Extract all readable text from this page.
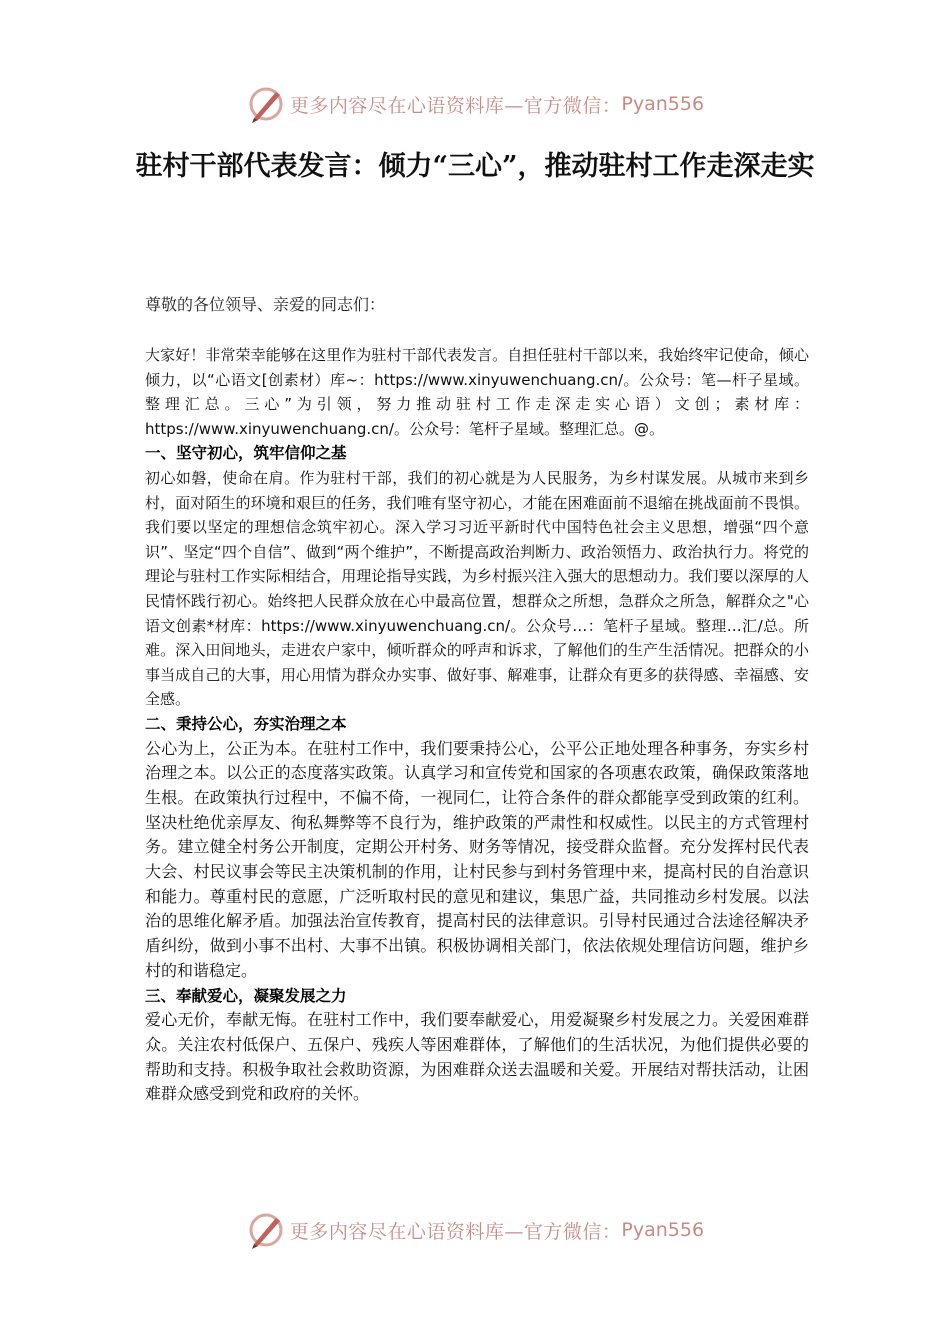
更多内容尽在心语资料库—官方微信： Pyan556
驻村干部代表发言：倾力“三心”，推动驻村工作走深走实
尊敬的各位领导、亲爱的同志们：

大家好！非常荣幸能够在这里作为驻村干部代表发言。自担任驻村干部以来，我始终牢记使命，倾心倾力，以“心语文[创素材）库~：https://www.xinyuwenchuang.cn/。公众号：笔—杆子星域。整理汇总。三心”为引领，努力推动驻村工作走深走实心语）文创；素材库：https://www.xinyuwenchuang.cn/。公众号：笔杆子星域。整理汇总。@。

一、坚守初心，筑牢信仰之基

初心如磐，使命在肩。作为驻村干部，我们的初心就是为人民服务，为乡村谋发展。从城市来到乡村，面对陌生的环境和艰巨的任务，我们唯有坚守初心，才能在困难面前不退缩在挑战面前不畏惧。我们要以坚定的理想信念筑牢初心。深入学习习近平新时代中国特色社会主义思想，增强“四个意识”、坚定“四个自信”、做到“两个维护”，不断提高政治判断力、政治领悟力、政治执行力。将党的理论与驻村工作实际相结合，用理论指导实践，为乡村振兴注入强大的思想动力。我们要以深厚的人民情怀践行初心。始终把人民群众放在心中最高位置，想群众之所想，急群众之所急，解群众之"心语文创素*材库：https://www.xinyuwenchuang.cn/。公众号…：笔杆子星域。整理…汇/总。所难。深入田间地头，走进农户家中，倾听群众的呼声和诉求，了解他们的生产生活情况。把群众的小事当成自己的大事，用心用情为群众办实事、做好事、解难事，让群众有更多的获得感、幸福感、安全感。

二、秉持公心，夯实治理之本

公心为上，公正为本。在驻村工作中，我们要秉持公心，公平公正地处理各种事务，夯实乡村治理之本。以公正的态度落实政策。认真学习和宣传党和国家的各项惠农政策，确保政策落地生根。在政策执行过程中，不偏不倚，一视同仁，让符合条件的群众都能享受到政策的红利。坚决杜绝优亲厚友、徇私舞弊等不良行为，维护政策的严肃性和权威性。以民主的方式管理村务。建立健全村务公开制度，定期公开村务、财务等情况，接受群众监督。充分发挥村民代表大会、村民议事会等民主决策机制的作用，让村民参与到村务管理中来，提高村民的自治意识和能力。尊重村民的意愿，广泛听取村民的意见和建议，集思广益，共同推动乡村发展。以法治的思维化解矛盾。加强法治宣传教育，提高村民的法律意识。引导村民通过合法途径解决矛盾纠纷，做到小事不出村、大事不出镇。积极协调相关部门，依法依规处理信访问题，维护乡村的和谐稳定。

三、奉献爱心，凝聚发展之力

爱心无价，奉献无悔。在驻村工作中，我们要奉献爱心，用爱凝聚乡村发展之力。关爱困难群众。关注农村低保户、五保户、残疾人等困难群体，了解他们的生活状况，为他们提供必要的帮助和支持。积极争取社会救助资源，为困难群众送去温暖和关爱。开展结对帮扶活动，让困难群众感受到党和政府的关怀。

更多内容尽在心语资料库—官方微信： Pyan556
